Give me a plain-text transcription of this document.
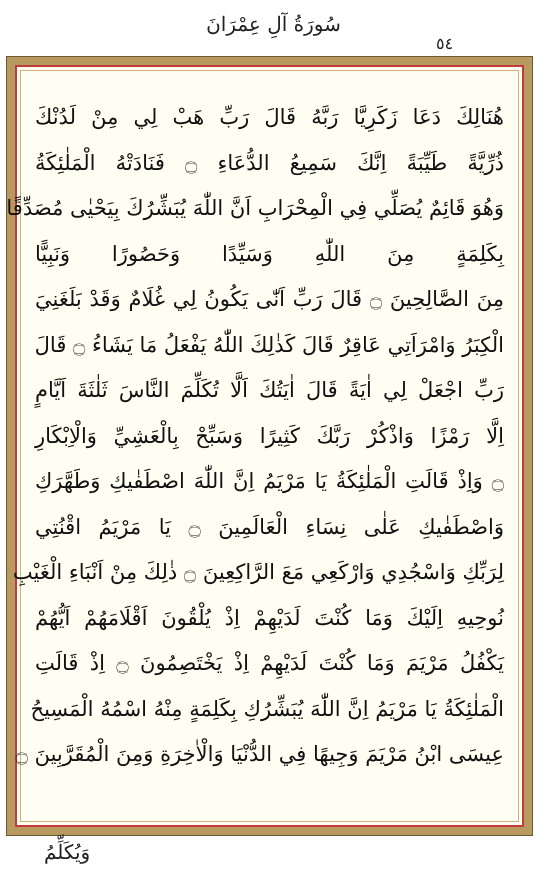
سُورَةُ آلِ عِمْرَانَ
٥٤
هُنَالِكَ دَعَا زَكَرِيَّا رَبَّهُ قَالَ رَبِّ هَبْ لِي مِنْ لَدُنْكَ
ذُرِّيَّةً طَيِّبَةً اِنَّكَ سَمِيعُ الدُّعَاءِ ۝ فَنَادَتْهُ الْمَلٰئِكَةُ
وَهُوَ قَائِمٌ يُصَلِّي فِي الْمِحْرَابِ اَنَّ اللّٰهَ يُبَشِّرُكَ بِيَحْيٰى مُصَدِّقًا
بِكَلِمَةٍ مِنَ اللّٰهِ وَسَيِّدًا وَحَصُورًا وَنَبِيًّا
مِنَ الصَّالِحِينَ ۝ قَالَ رَبِّ اَنّٰى يَكُونُ لِي غُلَامٌ وَقَدْ بَلَغَنِيَ
الْكِبَرُ وَامْرَاَتِي عَاقِرٌ قَالَ كَذٰلِكَ اللّٰهُ يَفْعَلُ مَا يَشَاءُ ۝ قَالَ
رَبِّ اجْعَلْ لِي اٰيَةً قَالَ اٰيَتُكَ اَلَّا تُكَلِّمَ النَّاسَ ثَلٰثَةَ اَيَّامٍ
اِلَّا رَمْزًا وَاذْكُرْ رَبَّكَ كَثِيرًا وَسَبِّحْ بِالْعَشِيِّ وَالْاِبْكَارِ
۝ وَاِذْ قَالَتِ الْمَلٰئِكَةُ يَا مَرْيَمُ اِنَّ اللّٰهَ اصْطَفٰيكِ وَطَهَّرَكِ
وَاصْطَفٰيكِ عَلٰى نِسَاءِ الْعَالَمِينَ ۝ يَا مَرْيَمُ اقْنُتِي
لِرَبِّكِ وَاسْجُدِي وَارْكَعِي مَعَ الرَّاكِعِينَ ۝ ذٰلِكَ مِنْ اَنْبَاءِ الْغَيْبِ
نُوحِيهِ اِلَيْكَ وَمَا كُنْتَ لَدَيْهِمْ اِذْ يُلْقُونَ اَقْلَامَهُمْ اَيُّهُمْ
يَكْفُلُ مَرْيَمَ وَمَا كُنْتَ لَدَيْهِمْ اِذْ يَخْتَصِمُونَ ۝ اِذْ قَالَتِ
الْمَلٰئِكَةُ يَا مَرْيَمُ اِنَّ اللّٰهَ يُبَشِّرُكِ بِكَلِمَةٍ مِنْهُ اسْمُهُ الْمَسِيحُ
عِيسَى ابْنُ مَرْيَمَ وَجِيهًا فِي الدُّنْيَا وَالْاٰخِرَةِ وَمِنَ الْمُقَرَّبِينَ ۝
وَيُكَلِّمُ
